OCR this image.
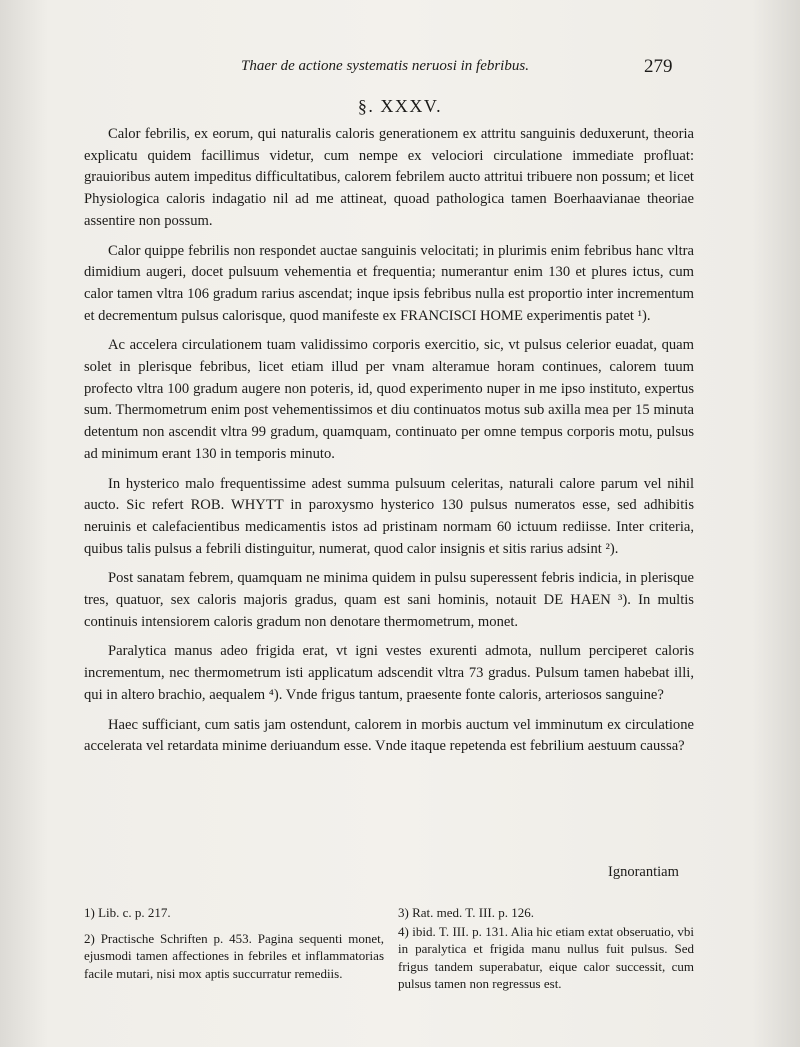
Thaer de actione systematis neruosi in febribus.	279
§. XXXV.

Calor febrilis, ex eorum, qui naturalis caloris generationem ex attritu sanguinis deduxerunt, theoria explicatu quidem facillimus videtur, cum nempe ex velociori circulatione immediate profluat: grauioribus autem impeditus difficultatibus, calorem febrilem aucto attritui tribuere non possum; et licet Physiologica caloris indagatio nil ad me attineat, quoad pathologica tamen Boerhaavianae theoriae assentire non possum.

Calor quippe febrilis non respondet auctae sanguinis velocitati; in plurimis enim febribus hanc vltra dimidium augeri, docet pulsuum vehementia et frequentia; numerantur enim 130 et plures ictus, cum calor tamen vltra 106 gradum rarius ascendat; inque ipsis febribus nulla est proportio inter incrementum et decrementum pulsus calorisque, quod manifeste ex FRANCISCI HOME experimentis patet ¹).

Ac accelera circulationem tuam validissimo corporis exercitio, sic, vt pulsus celerior euadat, quam solet in plerisque febribus, licet etiam illud per vnam alteramue horam continues, calorem tuum profecto vltra 100 gradum augere non poteris, id, quod experimento nuper in me ipso instituto, expertus sum. Thermometrum enim post vehementissimos et diu continuatos motus sub axilla mea per 15 minuta detentum non ascendit vltra 99 gradum, quamquam, continuato per omne tempus corporis motu, pulsus ad minimum erant 130 in temporis minuto.

In hysterico malo frequentissime adest summa pulsuum celeritas, naturali calore parum vel nihil aucto. Sic refert ROB. WHYTT in paroxysmo hysterico 130 pulsus numeratos esse, sed adhibitis neruinis et calefacientibus medicamentis istos ad pristinam normam 60 ictuum rediisse. Inter criteria, quibus talis pulsus a febrili distinguitur, numerat, quod calor insignis et sitis rarius adsint ²).

Post sanatam febrem, quamquam ne minima quidem in pulsu superessent febris indicia, in plerisque tres, quatuor, sex caloris majoris gradus, quam est sani hominis, notauit DE HAEN ³). In multis continuis intensiorem caloris gradum non denotare thermometrum, monet.

Paralytica manus adeo frigida erat, vt igni vestes exurenti admota, nullum perciperet caloris incrementum, nec thermometrum isti applicatum adscendit vltra 73 gradus. Pulsum tamen habebat illi, qui in altero brachio, aequalem ⁴). Vnde frigus tantum, praesente fonte caloris, arteriosos sanguine?

Haec sufficiant, cum satis jam ostendunt, calorem in morbis auctum vel imminutum ex circulatione accelerata vel retardata minime deriuandum esse. Vnde itaque repetenda est febrilium aestuum caussa?

Ignorantiam

1) Lib. c. p. 217.

2) Practische Schriften p. 453. Pagina sequenti monet, ejusmodi tamen affectiones in febriles et inflammatorias facile mutari, nisi mox aptis succurratur remediis.

3) Rat. med. T. III. p. 126.

4) ibid. T. III. p. 131. Alia hic etiam extat obseruatio, vbi in paralytica et frigida manu nullus fuit pulsus. Sed frigus tandem superabatur, eique calor successit, cum pulsus tamen non regressus est.
